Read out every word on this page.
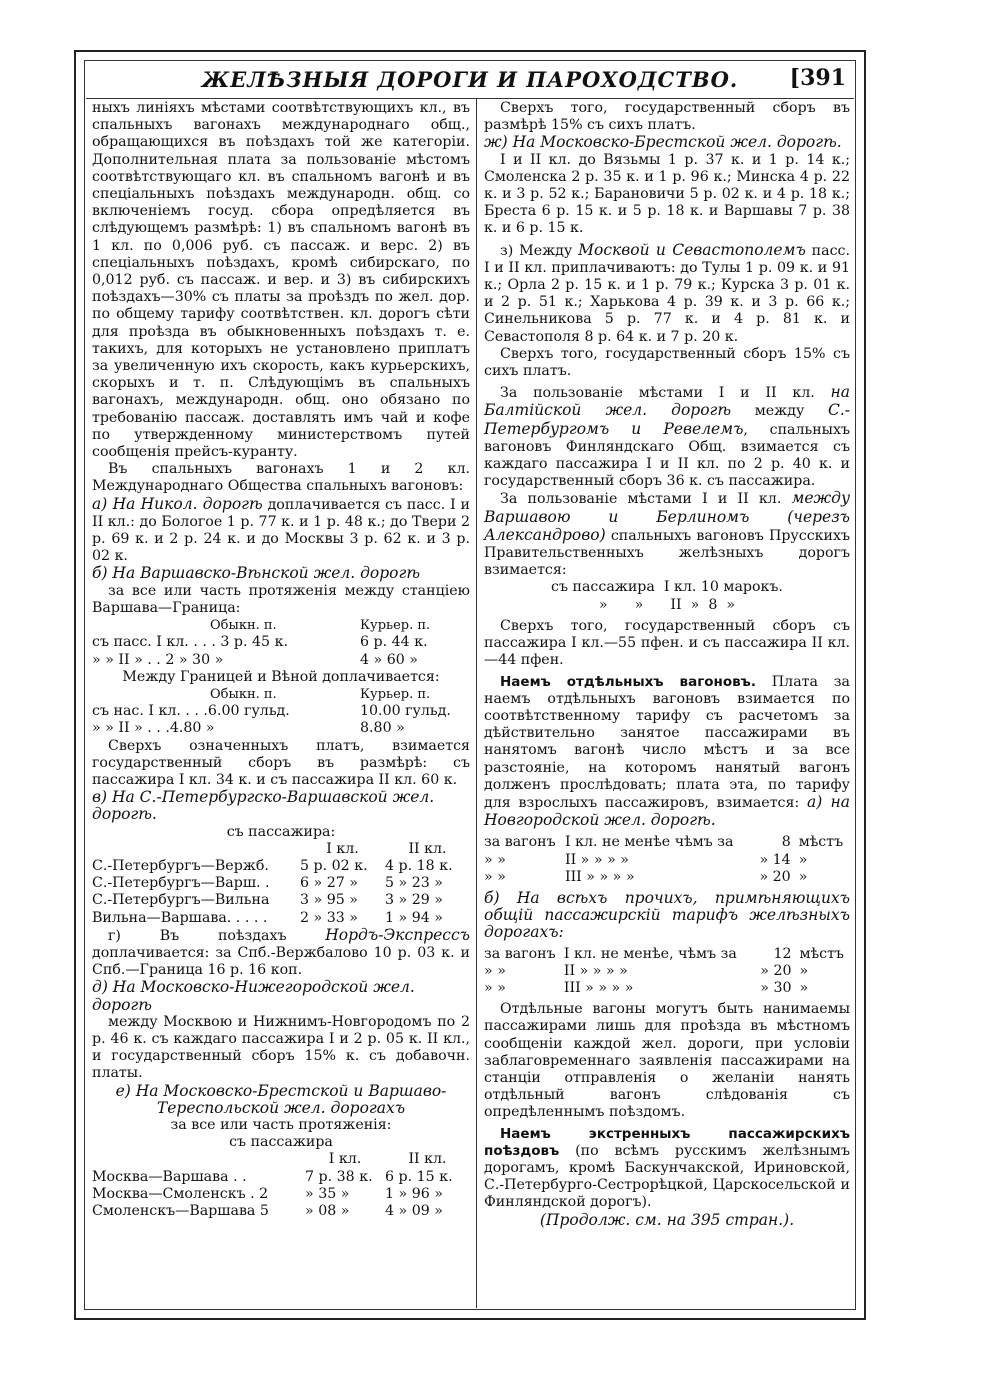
ЖЕЛѢЗНЫЯ ДОРОГИ И ПАРОХОДСТВО.	[391

ныхъ линiяхъ мѣстами соотвѣтствующихъ кл., въ спальныхъ вагонахъ международнаго общ., обращающихся въ поѣздахъ той же категорiи. Дополнительная плата за пользованiе мѣстомъ соотвѣтствующаго кл. въ спальномъ вагонѣ и въ спецiальныхъ поѣздахъ международн. общ. со включенiемъ госуд. сбора опредѣляется въ слѣдующемъ размѣрѣ: 1) въ спальномъ вагонѣ въ 1 кл. по 0,006 руб. съ пассаж. и верс. 2) въ спецiальныхъ поѣздахъ, кромѣ сибирскаго, по 0,012 руб. съ пассаж. и вер. и 3) въ сибирскихъ поѣздахъ—30% съ платы за проѣздъ по жел. дор. по общему тарифу соотвѣтствен. кл. дорогъ сѣти для проѣзда въ обыкновенныхъ поѣздахъ т. е. такихъ, для которыхъ не установлено приплатъ за увеличенную ихъ скорость, какъ курьерскихъ, скорыхъ и т. п. Слѣдующiмъ въ спальныхъ вагонахъ, международн. общ. оно обязано по требованiю пассаж. доставлять имъ чай и кофе по утвержденному министерствомъ путей сообщенiя прейсъ-куранту.

Въ спальныхъ вагонахъ 1 и 2 кл. Международнаго Общества спальныхъ вагоновъ:

а) На Никол. дорогѣ доплачивается съ пасс. I и II кл.: до Бологое 1 р. 77 к. и 1 р. 48 к.; до Твери 2 р. 69 к. и 2 р. 24 к. и до Москвы 3 р. 62 к. и 3 р. 02 к.

б) На Варшавско-Вѣнской жел. дорогѣ

за все или часть протяженiя между станцiею Варшава—Граница:

	Обыкн. п.	Курьер. п.
съ пасс. I кл. . . . 3 р. 45 к.		6 р. 44 к.
» » II » . . 2 » 30 »		4 » 60 »

Между Границей и Вѣной доплачивается:

	Обыкн. п.	Курьер. п.
съ нас. I кл. . . .6.00 гульд.		10.00 гульд.
» » II » . . .4.80 »		8.80 »

Сверхъ означенныхъ платъ, взимается государственный сборъ въ размѣрѣ: съ пассажира I кл. 34 к. и съ пассажира II кл. 60 к.

в) На С.-Петербургско-Варшавской жел. дорогѣ.

съ пассажира:

	I кл.	II кл.
С.-Петербургъ—Вержб.	5 р. 02 к.	4 р. 18 к.
С.-Петербургъ—Варш. .	6 » 27 »	5 » 23 »
С.-Петербургъ—Вильна	3 » 95 »	3 » 29 »
Вильна—Варшава. . . . .	2 » 33 »	1 » 94 »

г) Въ поѣздахъ Нордъ-Экспрессъ доплачивается: за Спб.-Вержбалово 10 р. 03 к. и Спб.—Граница 16 р. 16 коп.

д) На Московско-Нижегородской жел. дорогѣ

между Москвою и Нижнимъ-Новгородомъ по 2 р. 46 к. съ каждаго пассажира I и 2 р. 05 к. II кл., и государственный сборъ 15% к. съ добавочн. платы.

е) На Московско-Брестской и Варшаво-Тереспольской жел. дорогахъ

за все или часть протяженiя:

съ пассажира

	I кл.	II кл.
Москва—Варшава . .	7 р. 38 к.	6 р. 15 к.
Москва—Смоленскъ . 2	» 35 »	1 » 96 »
Смоленскъ—Варшава 5	» 08 »	4 » 09 »

Сверхъ того, государственный сборъ въ размѣрѣ 15% съ сихъ платъ.

ж) На Московско-Брестской жел. дорогѣ.

I и II кл. до Вязьмы 1 р. 37 к. и 1 р. 14 к.; Смоленска 2 р. 35 к. и 1 р. 96 к.; Минска 4 р. 22 к. и 3 р. 52 к.; Барановичи 5 р. 02 к. и 4 р. 18 к.; Бреста 6 р. 15 к. и 5 р. 18 к. и Варшавы 7 р. 38 к. и 6 р. 15 к.

з) Между Москвой и Севастополемъ пасс. I и II кл. приплачиваютъ: до Тулы 1 р. 09 к. и 91 к.; Орла 2 р. 15 к. и 1 р. 79 к.; Курска 3 р. 01 к. и 2 р. 51 к.; Харькова 4 р. 39 к. и 3 р. 66 к.; Синельникова 5 р. 77 к. и 4 р. 81 к. и Севастополя 8 р. 64 к. и 7 р. 20 к.

Сверхъ того, государственный сборъ 15% съ сихъ платъ.

За пользованiе мѣстами I и II кл. на Балтiйской жел. дорогѣ между С.-Петербургомъ и Ревелемъ, спальныхъ вагоновъ Финляндскаго Общ. взимается съ каждаго пассажира I и II кл. по 2 р. 40 к. и государственный сборъ 36 к. съ пассажира.

За пользованiе мѣстами I и II кл. между Варшавою и Берлиномъ (черезъ Александрово) спальныхъ вагоновъ Прусскихъ Правительственныхъ желѣзныхъ дорогъ взимается:

съ пассажира  I кл. 10 марокъ.

»      »      II  »  8  »

Сверхъ того, государственный сборъ съ пассажира I кл.—55 пфен. и съ пассажира II кл.—44 пфен.

Наемъ отдѣльныхъ вагоновъ. Плата за наемъ отдѣльныхъ вагоновъ взимается по соотвѣтственному тарифу съ расчетомъ за дѣйствительно занятое пассажирами въ нанятомъ вагонѣ число мѣстъ и за все разстоянiе, на которомъ нанятый вагонъ долженъ прослѣдовать; плата эта, по тарифу для взрослыхъ пассажировъ, взимается: а) на Новгородской жел. дорогѣ.

за вагонъ	I кл. не менѣе чѣмъ за	8	мѣстъ
» »	II » » » »	» 14	»
» »	III » » » »	» 20	»

б) На всѣхъ прочихъ, примѣняющихъ общiй пассажирскiй тарифъ желѣзныхъ дорогахъ:

за вагонъ	I кл. не менѣе, чѣмъ за	12	мѣстъ
» »	II » » » »	» 20	»
» »	III » » » »	» 30	»

Отдѣльные вагоны могутъ быть нанимаемы пассажирами лишь для проѣзда въ мѣстномъ сообщенiи каждой жел. дороги, при условiи заблаговременнаго заявленiя пассажирами на станцiи отправленiя о желанiи нанять отдѣльный вагонъ слѣдованiя съ опредѣленнымъ поѣздомъ.

Наемъ экстренныхъ пассажирскихъ поѣздовъ (по всѣмъ русскимъ желѣзнымъ дорогамъ, кромѣ Баскунчакской, Ириновской, С.-Петербурго-Сестрорѣцкой, Царскосельской и Финляндской дорогъ).

(Продолж. см. на 395 стран.).
